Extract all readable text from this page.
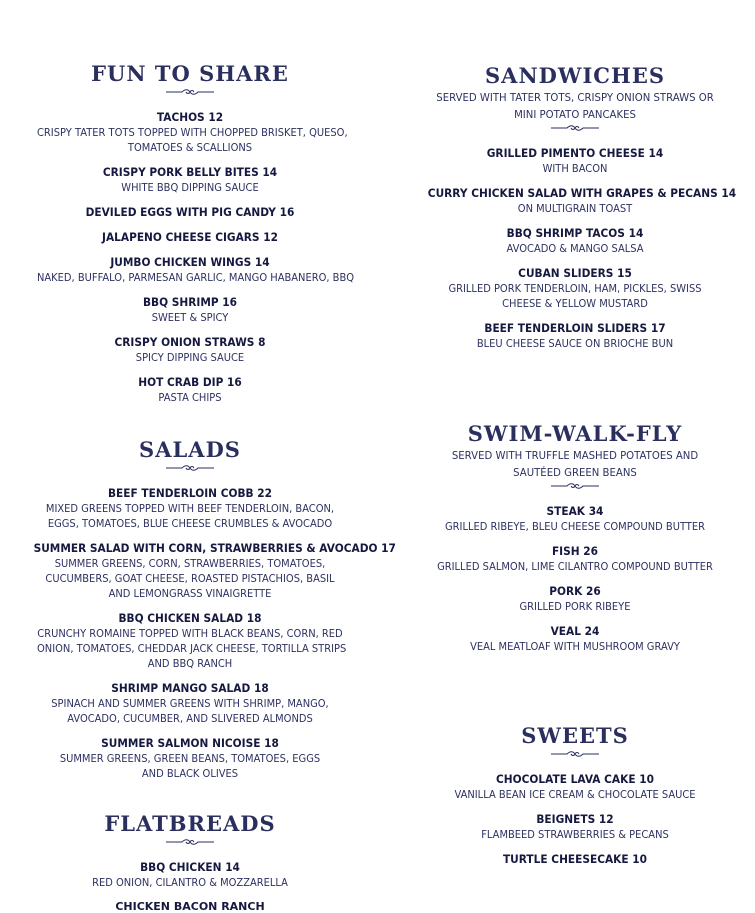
FUN TO SHARE
TACHOS 12
CRISPY TATER TOTS TOPPED WITH CHOPPED BRISKET, QUESO,
TOMATOES & SCALLIONS
CRISPY PORK BELLY BITES 14
WHITE BBQ DIPPING SAUCE
DEVILED EGGS WITH PIG CANDY 16
JALAPENO CHEESE CIGARS 12
JUMBO CHICKEN WINGS 14
NAKED, BUFFALO, PARMESAN GARLIC, MANGO HABANERO, BBQ
BBQ SHRIMP 16
SWEET & SPICY
CRISPY ONION STRAWS 8
SPICY DIPPING SAUCE
HOT CRAB DIP 16
PASTA CHIPS
SALADS
BEEF TENDERLOIN COBB 22
MIXED GREENS TOPPED WITH BEEF TENDERLOIN, BACON,
EGGS, TOMATOES, BLUE CHEESE CRUMBLES & AVOCADO
SUMMER SALAD WITH CORN, STRAWBERRIES & AVOCADO 17
SUMMER GREENS, CORN, STRAWBERRIES, TOMATOES,
CUCUMBERS, GOAT CHEESE, ROASTED PISTACHIOS, BASIL
AND LEMONGRASS VINAIGRETTE
BBQ CHICKEN SALAD 18
CRUNCHY ROMAINE TOPPED WITH BLACK BEANS, CORN, RED
ONION, TOMATOES, CHEDDAR JACK CHEESE, TORTILLA STRIPS
AND BBQ RANCH
SHRIMP MANGO SALAD 18
SPINACH AND SUMMER GREENS WITH SHRIMP, MANGO,
AVOCADO, CUCUMBER, AND SLIVERED ALMONDS
SUMMER SALMON NICOISE 18
SUMMER GREENS, GREEN BEANS, TOMATOES, EGGS
AND BLACK OLIVES
FLATBREADS
BBQ CHICKEN 14
RED ONION, CILANTRO & MOZZARELLA
CHICKEN BACON RANCH
SANDWICHES
SERVED WITH TATER TOTS, CRISPY ONION STRAWS OR
MINI POTATO PANCAKES
GRILLED PIMENTO CHEESE 14
WITH BACON
CURRY CHICKEN SALAD WITH GRAPES & PECANS 14
ON MULTIGRAIN TOAST
BBQ SHRIMP TACOS 14
AVOCADO & MANGO SALSA
CUBAN SLIDERS 15
GRILLED PORK TENDERLOIN, HAM, PICKLES, SWISS
CHEESE & YELLOW MUSTARD
BEEF TENDERLOIN SLIDERS 17
BLEU CHEESE SAUCE ON BRIOCHE BUN
SWIM-WALK-FLY
SERVED WITH TRUFFLE MASHED POTATOES AND
SAUTÉED GREEN BEANS
STEAK 34
GRILLED RIBEYE, BLEU CHEESE COMPOUND BUTTER
FISH 26
GRILLED SALMON, LIME CILANTRO COMPOUND BUTTER
PORK 26
GRILLED PORK RIBEYE
VEAL 24
VEAL MEATLOAF WITH MUSHROOM GRAVY
SWEETS
CHOCOLATE LAVA CAKE 10
VANILLA BEAN ICE CREAM & CHOCOLATE SAUCE
BEIGNETS 12
FLAMBEED STRAWBERRIES & PECANS
TURTLE CHEESECAKE 10
